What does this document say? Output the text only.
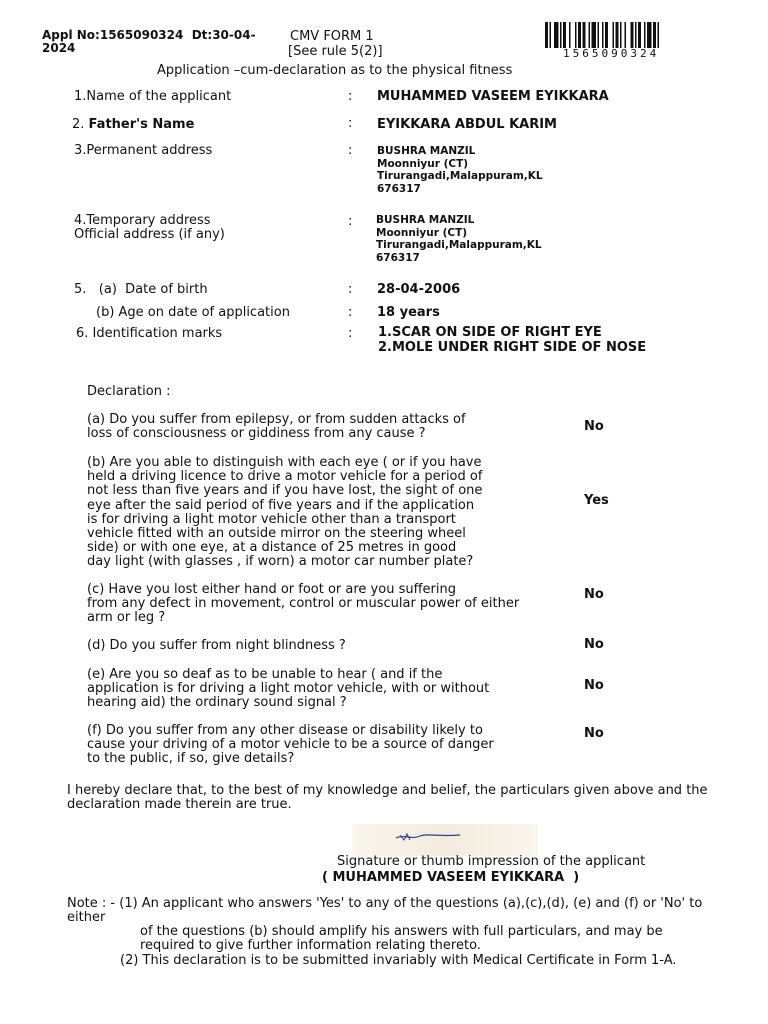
Appl No:1565090324 Dt:30-04-
2024
CMV FORM 1
[See rule 5(2)]	1565090324
Application –cum-declaration as to the physical fitness
1.Name of the applicant	: MUHAMMED VASEEM EYIKKARA
2. Father's Name	: EYIKKARA ABDUL KARIM
3.Permanent address	: BUSHRA MANZIL
Moonniyur (CT)
Tirurangadi,Malappuram,KL
676317
4.Temporary address
Official address (if any)
: BUSHRA MANZIL
Moonniyur (CT)
Tirurangadi,Malappuram,KL
676317
5.   (a)  Date of birth	: 28-04-2006
(b) Age on date of application	: 18 years
6. Identification marks	: 1.SCAR ON SIDE OF RIGHT EYE
2.MOLE UNDER RIGHT SIDE OF NOSE
Declaration :
(a) Do you suffer from epilepsy, or from sudden attacks of
loss of consciousness or giddiness from any cause ?	No
(b) Are you able to distinguish with each eye ( or if you have
held a driving licence to drive a motor vehicle for a period of
not less than five years and if you have lost, the sight of one
eye after the said period of five years and if the application
is for driving a light motor vehicle other than a transport
vehicle fitted with an outside mirror on the steering wheel
side) or with one eye, at a distance of 25 metres in good
day light (with glasses , if worn) a motor car number plate?
Yes
(c) Have you lost either hand or foot or are you suffering
from any defect in movement, control or muscular power of either
arm or leg ?
No
(d) Do you suffer from night blindness ?	No
(e) Are you so deaf as to be unable to hear ( and if the
application is for driving a light motor vehicle, with or without
hearing aid) the ordinary sound signal ?
No
(f) Do you suffer from any other disease or disability likely to
cause your driving of a motor vehicle to be a source of danger
to the public, if so, give details?
No
I hereby declare that, to the best of my knowledge and belief, the particulars given above and the
declaration made therein are true.
Signature or thumb impression of the applicant
( MUHAMMED VASEEM EYIKKARA  )
Note : - (1) An applicant who answers 'Yes' to any of the questions (a),(c),(d), (e) and (f) or 'No' to
either
of the questions (b) should amplify his answers with full particulars, and may be
required to give further information relating thereto.
(2) This declaration is to be submitted invariably with Medical Certificate in Form 1-A.
